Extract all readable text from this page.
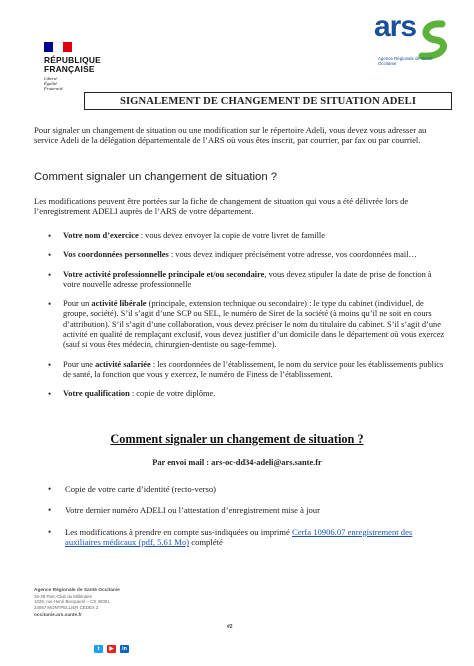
RÉPUBLIQUE
FRANÇAISE
Liberté
Égalité
Fraternité
ars
Agence Régionale de Santé
Occitanie
SIGNALEMENT DE CHANGEMENT DE SITUATION ADELI

Pour signaler un changement de situation ou une modification sur le répertoire Adeli, vous devez vous adresser au service Adeli de la délégation départementale de l’ARS où vous êtes inscrit, par courrier, par fax ou par courriel.

Comment signaler un changement de situation ?

Les modifications peuvent être portées sur la fiche de changement de situation qui vous a été délivrée lors de l’enregistrement ADELI auprès de l’ARS de votre département.

• Votre nom d’exercice : vous devez envoyer la copie de votre livret de famille
• Vos coordonnées personnelles : vous devez indiquer précisément votre adresse, vos coordonnées mail…
• Votre activité professionnelle principale et/ou secondaire, vous devez stipuler la date de prise de fonction à votre nouvelle adresse professionnelle
• Pour un activité libérale (principale, extension technique ou secondaire) : le type du cabinet (individuel, de groupe, société). S’il s’agit d’une SCP ou SEL, le numéro de Siret de la société (à moins qu’il ne soit en cours d’attribution). S’il s’agit d’une collaboration, vous devez préciser le nom du titulaire du cabinet. S’il s’agit d’une activité en qualité de remplaçant exclusif, vous devez justifier d’un domicile dans le département où vous exercez (sauf si vous êtes médecin, chirurgien-dentiste ou sage-femme).
• Pour une activité salariée : les coordonnées de l’établissement, le nom du service pour les établissements publics de santé, la fonction que vous y exercez, le numéro de Finess de l’établissement.
• Votre qualification : copie de votre diplôme.
Comment signaler un changement de situation ?
Par envoi mail : ars-oc-dd34-adeli@ars.sante.fr
• Copie de votre carte d’identité (recto-verso)
• Votre dernier numéro ADELI ou l’attestation d’enregistrement mise à jour
• Les modifications à prendre en compte sus-indiquées ou imprimé Cerfa 10906.07 enregistrement des auxiliaires médicaux (pdf, 5.61 Mo) complété
Agence Régionale de Santé Occitanie
26-28 Parc-Club du Millénaire
1025, rue Henri Becquerel – CS 30001
34067 MONTPELLIER CEDEX 2
occitanie.ars.sante.fr
t	▶	in
#2
